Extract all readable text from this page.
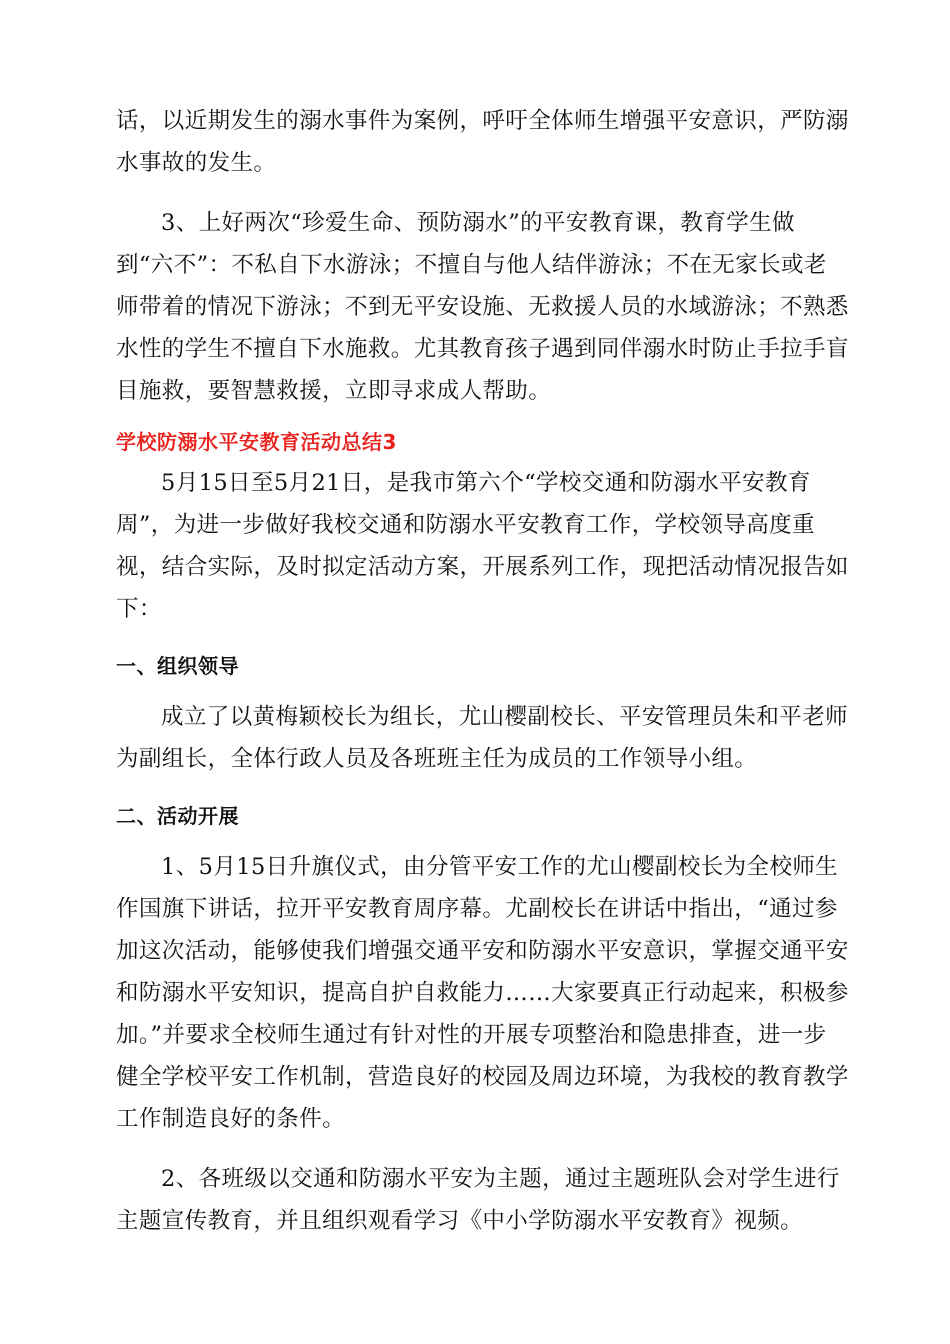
话，以近期发生的溺水事件为案例，呼吁全体师生增强平安意识，严防溺
水事故的发生。

3、上好两次“珍爱生命、预防溺水”的平安教育课，教育学生做
到“六不”：不私自下水游泳；不擅自与他人结伴游泳；不在无家长或老
师带着的情况下游泳；不到无平安设施、无救援人员的水域游泳；不熟悉
水性的学生不擅自下水施救。尤其教育孩子遇到同伴溺水时防止手拉手盲
目施救，要智慧救援，立即寻求成人帮助。

学校防溺水平安教育活动总结3

5月15日至5月21日，是我市第六个“学校交通和防溺水平安教育
周”，为进一步做好我校交通和防溺水平安教育工作，学校领导高度重
视，结合实际，及时拟定活动方案，开展系列工作，现把活动情况报告如
下：

一、组织领导

成立了以黄梅颖校长为组长，尤山樱副校长、平安管理员朱和平老师
为副组长，全体行政人员及各班班主任为成员的工作领导小组。

二、活动开展

1、5月15日升旗仪式，由分管平安工作的尤山樱副校长为全校师生
作国旗下讲话，拉开平安教育周序幕。尤副校长在讲话中指出，“通过参
加这次活动，能够使我们增强交通平安和防溺水平安意识，掌握交通平安
和防溺水平安知识，提高自护自救能力……大家要真正行动起来，积极参
加。”并要求全校师生通过有针对性的开展专项整治和隐患排查，进一步
健全学校平安工作机制，营造良好的校园及周边环境，为我校的教育教学
工作制造良好的条件。

2、各班级以交通和防溺水平安为主题，通过主题班队会对学生进行
主题宣传教育，并且组织观看学习《中小学防溺水平安教育》视频。
